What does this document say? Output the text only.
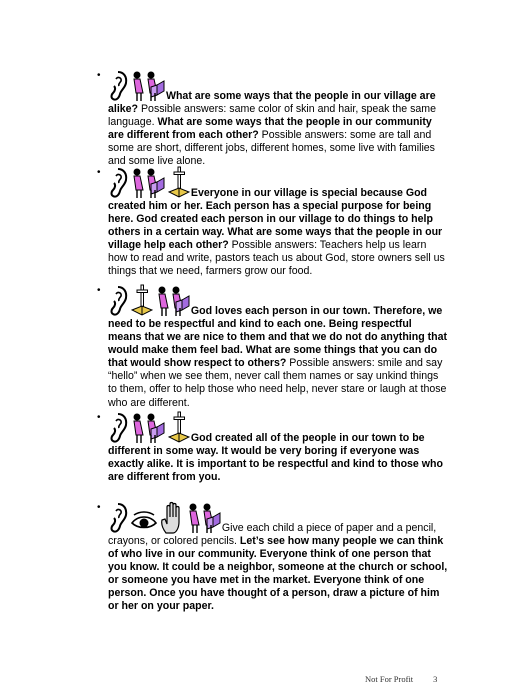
•
What are some ways that the people in our village are alike? Possible answers: same color of skin and hair, speak the same language. What are some ways that the people in our community are different from each other? Possible answers: some are tall and some are short, different jobs, different homes, some live with families and some live alone.
•
Everyone in our village is special because God created him or her. Each person has a special purpose for being here. God created each person in our village to do things to help others in a certain way. What are some ways that the people in our village help each other? Possible answers: Teachers help us learn how to read and write, pastors teach us about God, store owners sell us things that we need, farmers grow our food.
•
God loves each person in our town. Therefore, we need to be respectful and kind to each one. Being respectful means that we are nice to them and that we do not do anything that would make them feel bad. What are some things that you can do that would show respect to others? Possible answers: smile and say “hello” when we see them, never call them names or say unkind things to them, offer to help those who need help, never stare or laugh at those who are different.
•
God created all of the people in our town to be different in some way. It would be very boring if everyone was exactly alike. It is important to be respectful and kind to those who are different from you.
•
Give each child a piece of paper and a pencil, crayons, or colored pencils. Let’s see how many people we can think of who live in our community. Everyone think of one person that you know. It could be a neighbor, someone at the church or school, or someone you have met in the market. Everyone think of one person. Once you have thought of a person, draw a picture of him or her on your paper.
Not For Profit 3
